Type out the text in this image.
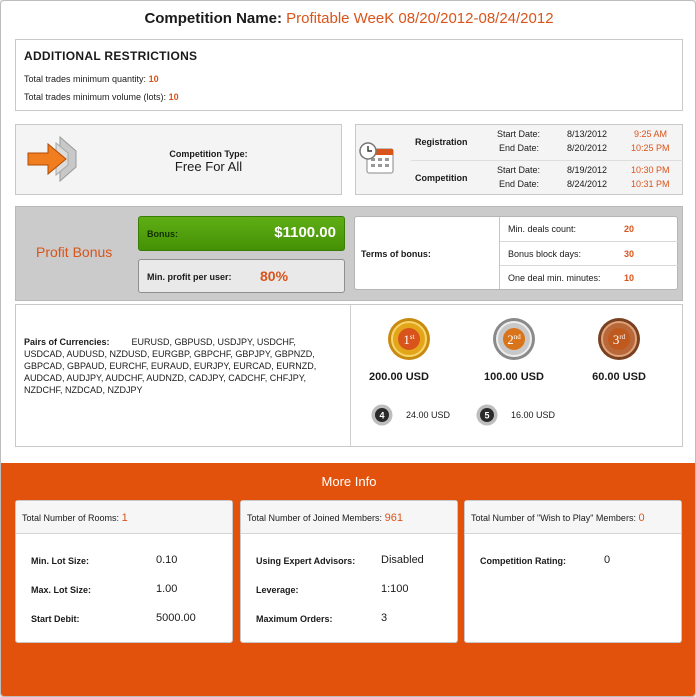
Competition Name: Profitable WeeK 08/20/2012-08/24/2012
ADDITIONAL RESTRICTIONS
Total trades minimum quantity: 10
Total trades minimum volume (lots): 10
Competition Type:
Free For All
Registration
Start Date:	8/13/2012	9:25 AM
End Date:	8/20/2012	10:25 PM
Competition
Start Date:	8/19/2012	10:30 PM
End Date:	8/24/2012	10:31 PM
Profit Bonus
Bonus:	$1100.00
Min. profit per user: 80%
Terms of bonus:
Min. deals count:	20
Bonus block days:	30
One deal min. minutes:	10
Pairs of Currencies: EURUSD, GBPUSD, USDJPY, USDCHF,
USDCAD, AUDUSD, NZDUSD, EURGBP, GBPCHF, GBPJPY, GBPNZD,
GBPCAD, GBPAUD, EURCHF, EURAUD, EURJPY, EURCAD, EURNZD,
AUDCAD, AUDJPY, AUDCHF, AUDNZD, CADJPY, CADCHF, CHFJPY,
NZDCHF, NZDCAD, NZDJPY
1st
200.00 USD
2nd
100.00 USD
3rd
60.00 USD
4 24.00 USD	5 16.00 USD
More Info
Total Number of Rooms: 1
Min. Lot Size:	0.10
Max. Lot Size:	1.00
Start Debit:	5000.00
Total Number of Joined Members: 961
Using Expert Advisors: Disabled
Leverage:	1:100
Maximum Orders:	3
Total Number of "Wish to Play" Members: 0
Competition Rating:	0
